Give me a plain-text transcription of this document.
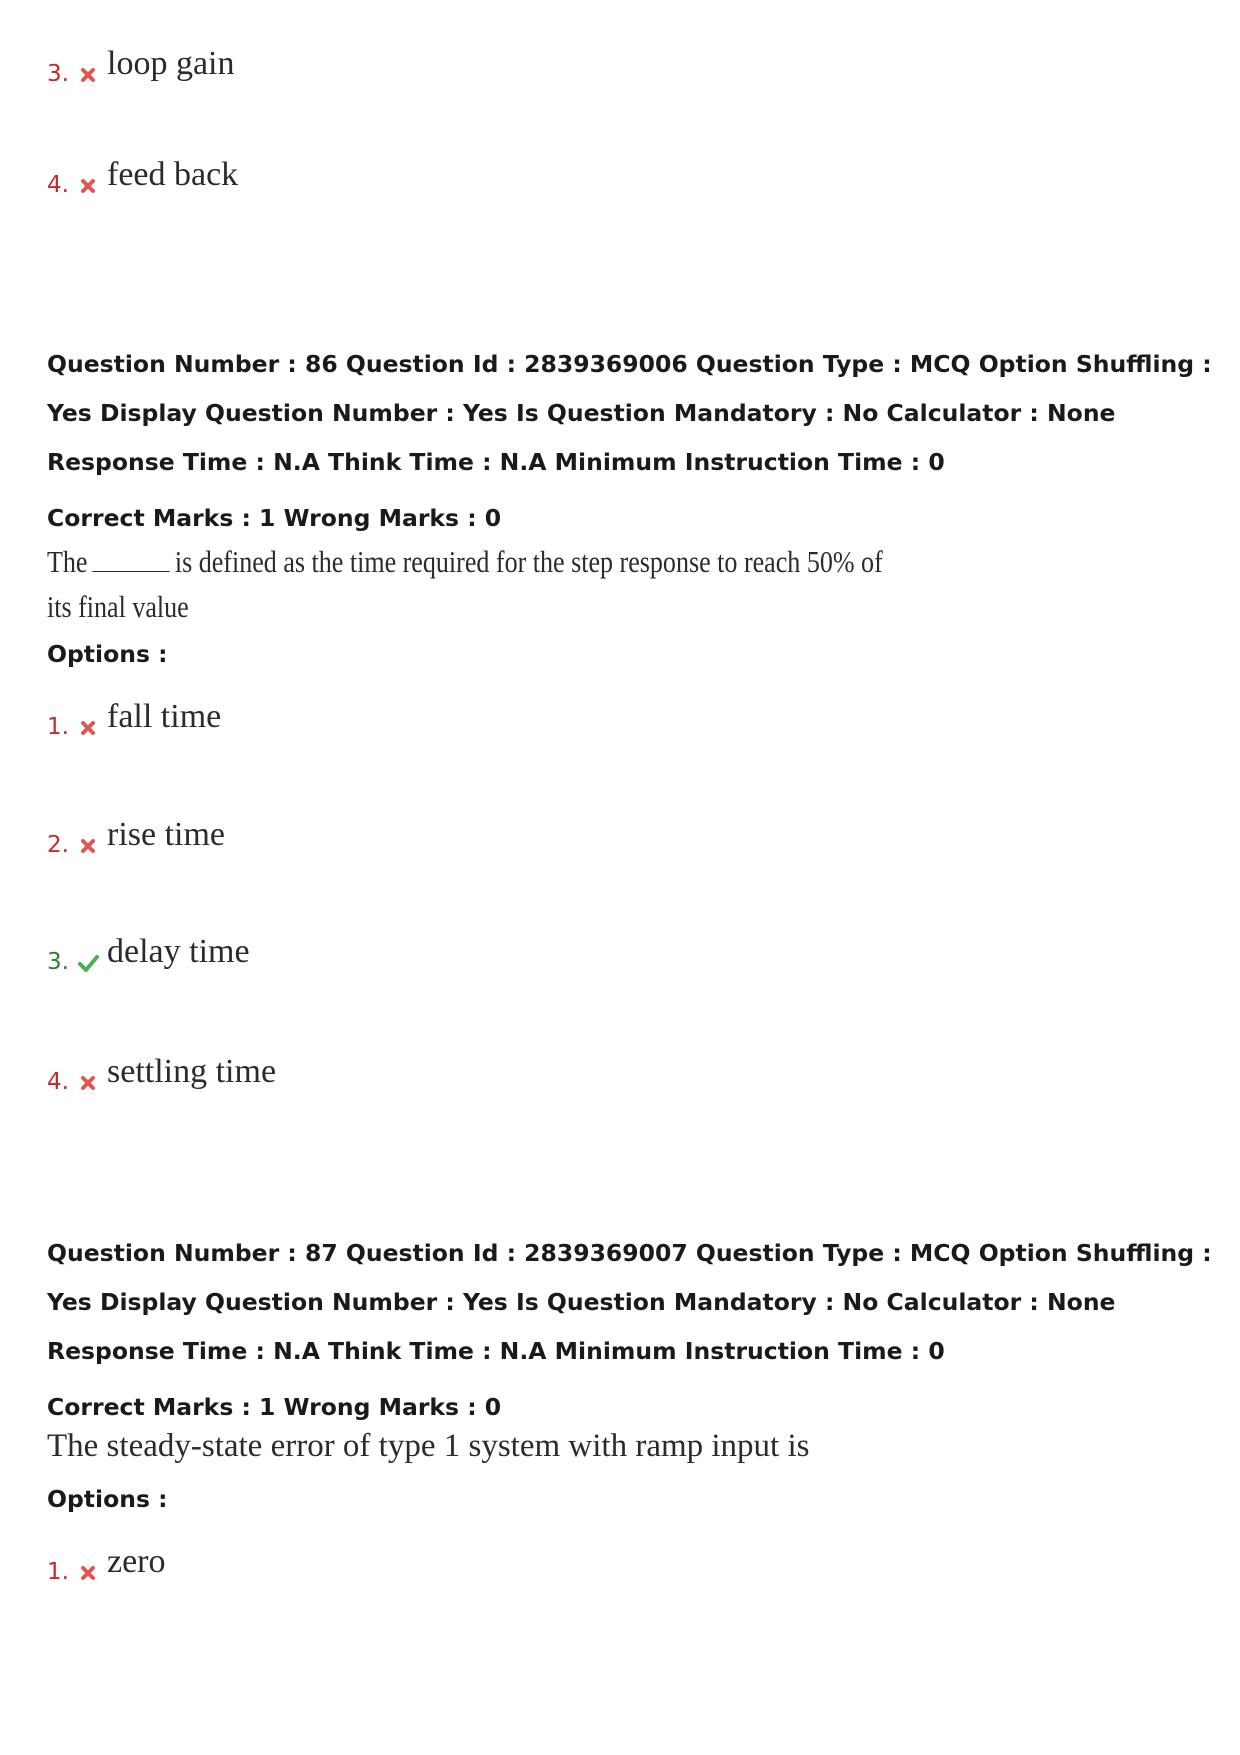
3. loop gain
4. feed back
Question Number : 86 Question Id : 2839369006 Question Type : MCQ Option Shuffling : Yes Display Question Number : Yes Is Question Mandatory : No Calculator : None Response Time : N.A Think Time : N.A Minimum Instruction Time : 0
Correct Marks : 1 Wrong Marks : 0
The	is defined as the time required for the step response to reach 50% of its final value
Options :
1. fall time
2. rise time
3. delay time
4. settling time
Question Number : 87 Question Id : 2839369007 Question Type : MCQ Option Shuffling : Yes Display Question Number : Yes Is Question Mandatory : No Calculator : None Response Time : N.A Think Time : N.A Minimum Instruction Time : 0
Correct Marks : 1 Wrong Marks : 0
The steady-state error of type 1 system with ramp input is
Options :
1. zero
